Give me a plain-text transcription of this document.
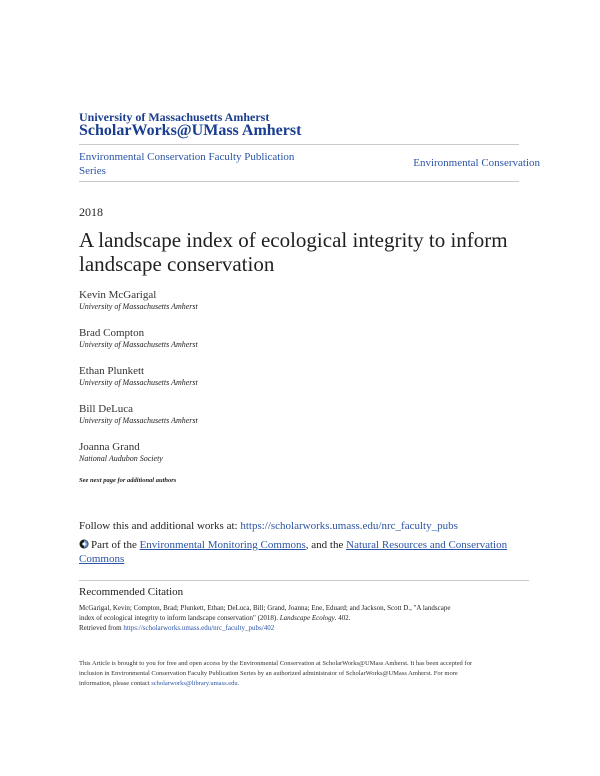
University of Massachusetts Amherst
ScholarWorks@UMass Amherst
Environmental Conservation Faculty Publication
Series
Environmental Conservation
2018
A landscape index of ecological integrity to inform
landscape conservation
Kevin McGarigal
University of Massachusetts Amherst
Brad Compton
University of Massachusetts Amherst
Ethan Plunkett
University of Massachusetts Amherst
Bill DeLuca
University of Massachusetts Amherst
Joanna Grand
National Audubon Society
See next page for additional authors
Follow this and additional works at: https://scholarworks.umass.edu/nrc_faculty_pubs
Part of the Environmental Monitoring Commons, and the Natural Resources and Conservation
Commons
Recommended Citation
McGarigal, Kevin; Compton, Brad; Plunkett, Ethan; DeLuca, Bill; Grand, Joanna; Ene, Eduard; and Jackson, Scott D., "A landscape
index of ecological integrity to inform landscape conservation" (2018). Landscape Ecology. 402.
Retrieved from https://scholarworks.umass.edu/nrc_faculty_pubs/402
This Article is brought to you for free and open access by the Environmental Conservation at ScholarWorks@UMass Amherst. It has been accepted for
inclusion in Environmental Conservation Faculty Publication Series by an authorized administrator of ScholarWorks@UMass Amherst. For more
information, please contact scholarworks@library.umass.edu.
